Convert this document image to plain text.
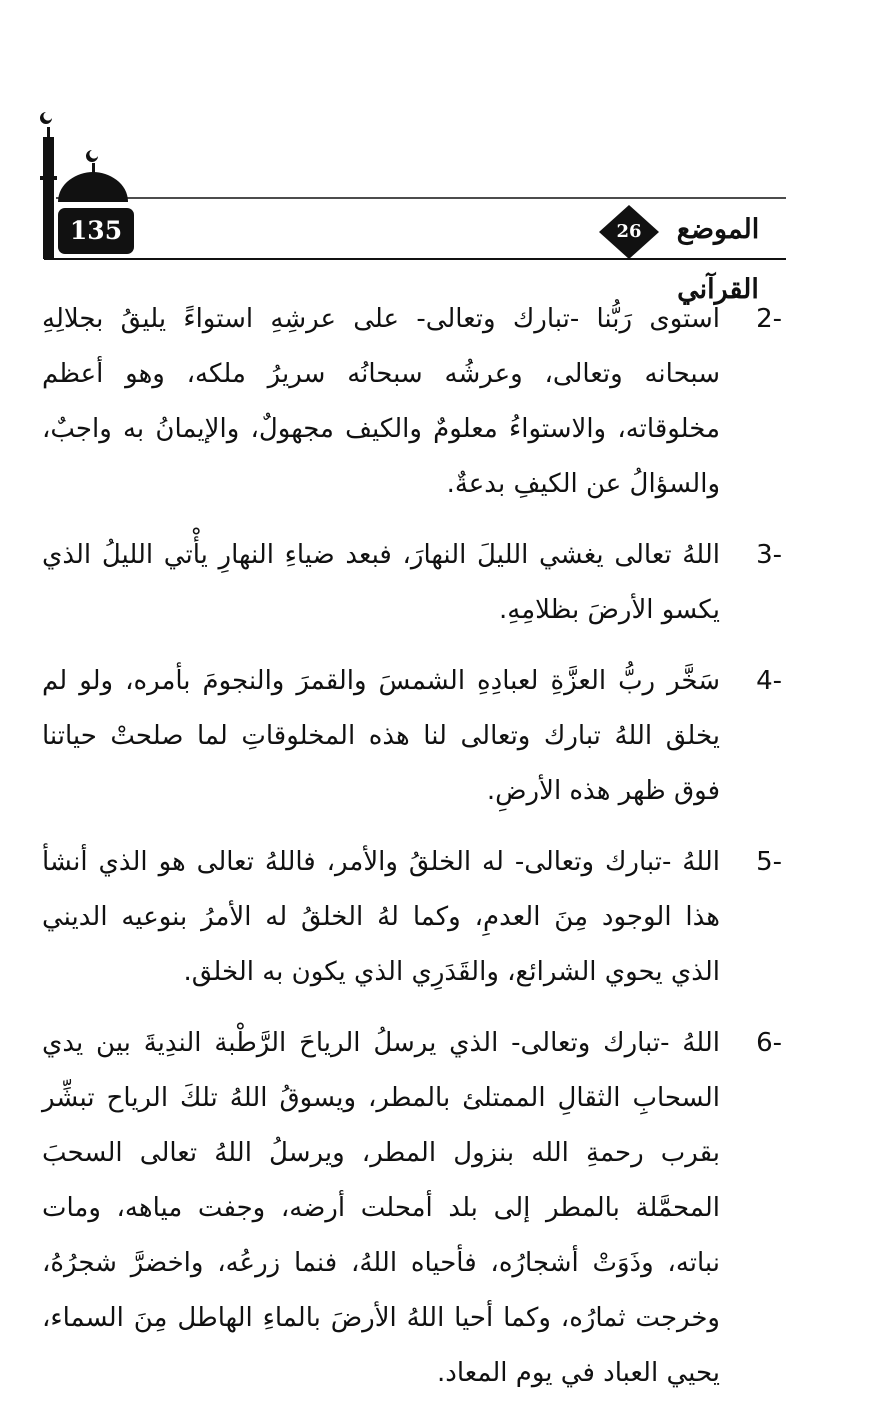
135	26	الموضع القرآني
2-
استوى رَبُّنا -تبارك وتعالى- على عرشِهِ استواءً يليقُ بجلالِهِ سبحانه وتعالى، وعرشُه سبحانُه سريرُ ملكه، وهو أعظم مخلوقاته، والاستواءُ معلومٌ والكيف مجهولٌ، والإيمانُ به واجبٌ، والسؤالُ عن الكيفِ بدعةٌ.
3-
اللهُ تعالى يغشي الليلَ النهارَ، فبعد ضياءِ النهارِ يأْتي الليلُ الذي يكسو الأرضَ بظلامِهِ.
4-
سَخَّر ربُّ العزَّةِ لعبادِهِ الشمسَ والقمرَ والنجومَ بأمره، ولو لم يخلق اللهُ تبارك وتعالى لنا هذه المخلوقاتِ لما صلحتْ حياتنا فوق ظهر هذه الأرضِ.
5-
اللهُ -تبارك وتعالى- له الخلقُ والأمر، فاللهُ تعالى هو الذي أنشأ هذا الوجود مِنَ العدمِ، وكما لهُ الخلقُ له الأمرُ بنوعيه الديني الذي يحوي الشرائع، والقَدَرِي الذي يكون به الخلق.
6-
اللهُ -تبارك وتعالى- الذي يرسلُ الرياحَ الرَّطْبة الندِيةَ بين يدي السحابِ الثقالِ الممتلئ بالمطر، ويسوقُ اللهُ تلكَ الرياح تبشِّر بقرب رحمةِ الله بنزول المطر، ويرسلُ اللهُ تعالى السحبَ المحمَّلة بالمطر إلى بلد أمحلت أرضه، وجفت مياهه، ومات نباته، وذَوَتْ أشجارُه، فأحياه اللهُ، فنما زرعُه، واخضرَّ شجرُهُ، وخرجت ثمارُه، وكما أحيا اللهُ الأرضَ بالماءِ الهاطل مِنَ السماء، يحيي العباد في يوم المعاد.
